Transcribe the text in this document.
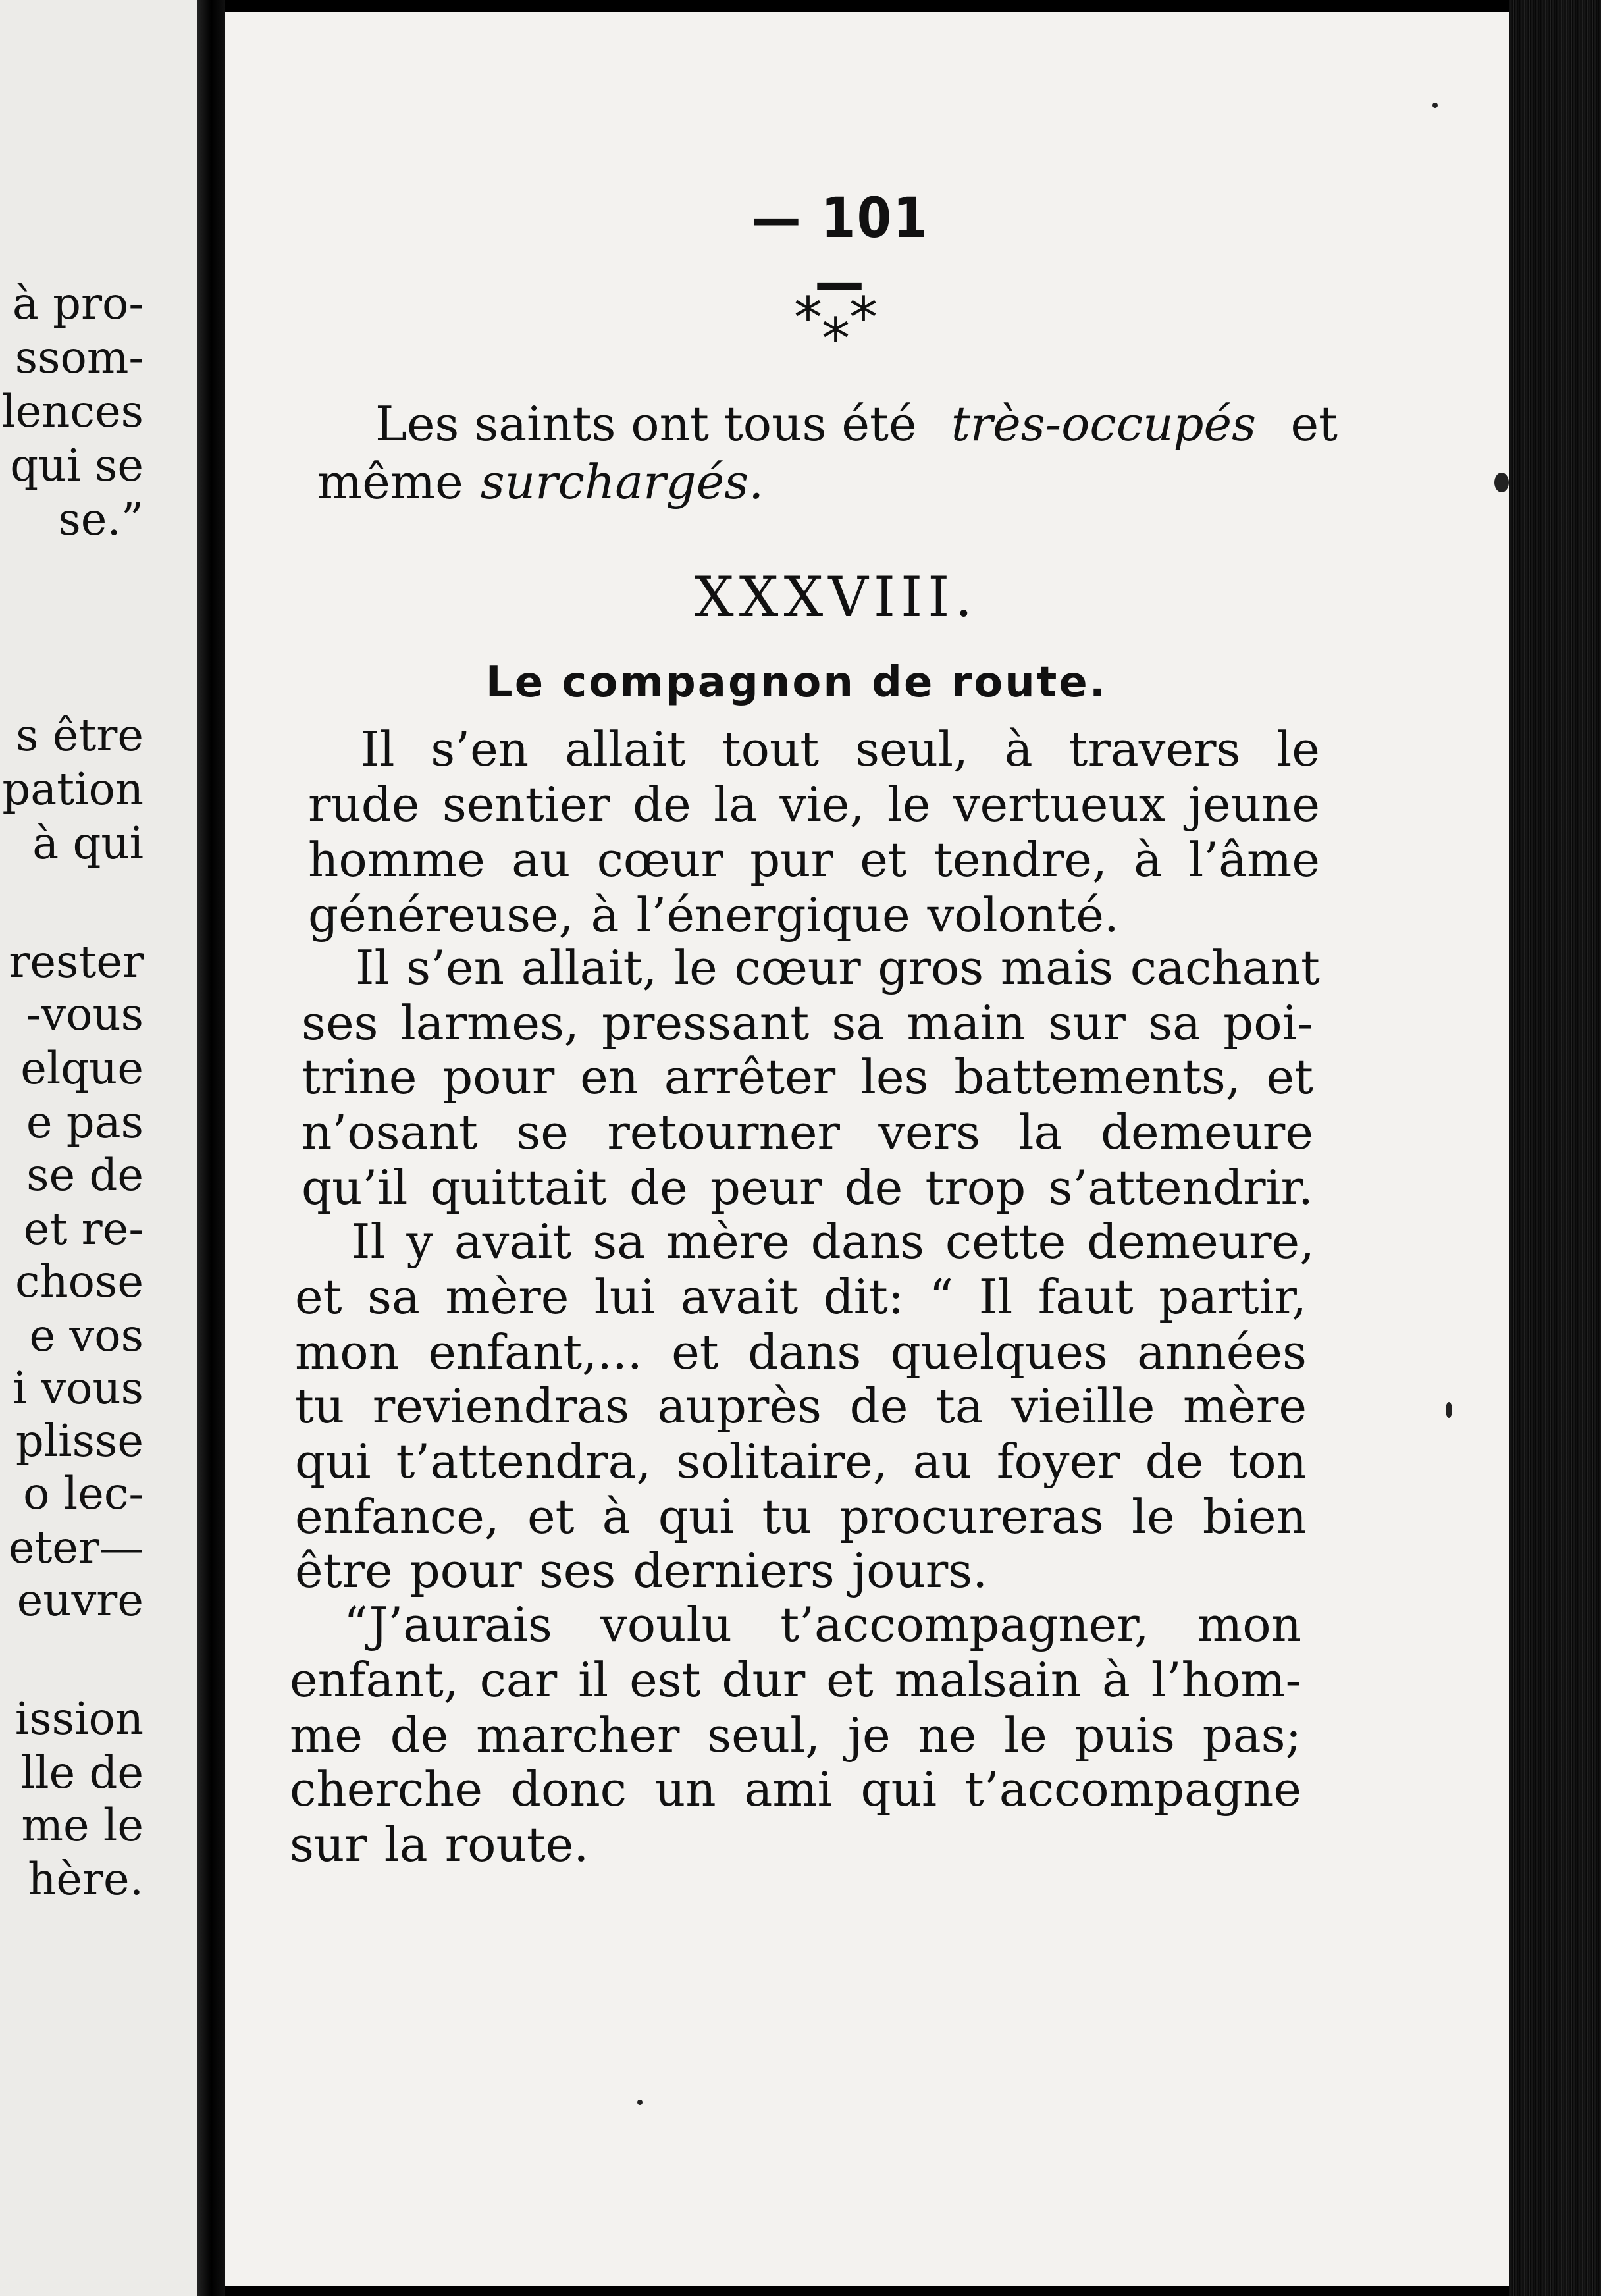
à pro-
ssom-
lences
qui se
se.”
s être
pation
à qui
rester
-vous
elque
e pas
se de
et re-
chose
e vos
i vous
plisse
o lec-
eter—
euvre
ission
lle de
me le
hère.
— 101 —
* * *
Les saints ont tous été très-occupés et
même surchargés.
XXXVIII.
Le compagnon de route.
Il s’en allait tout seul, à travers le
rude sentier de la vie, le vertueux jeune
homme au cœur pur et tendre, à l’âme
généreuse, à l’énergique volonté.
Il s’en allait, le cœur gros mais cachant
ses larmes, pressant sa main sur sa poi-
trine pour en arrêter les battements, et
n’osant se retourner vers la demeure
qu’il quittait de peur de trop s’attendrir.
Il y avait sa mère dans cette demeure,
et sa mère lui avait dit: “ Il faut partir,
mon enfant,... et dans quelques années
tu reviendras auprès de ta vieille mère
qui t’attendra, solitaire, au foyer de ton
enfance, et à qui tu procureras le bien
être pour ses derniers jours.
“J’aurais voulu t’accompagner, mon
enfant, car il est dur et malsain à l’hom-
me de marcher seul, je ne le puis pas;
cherche donc un ami qui t’accompagne
sur la route.
